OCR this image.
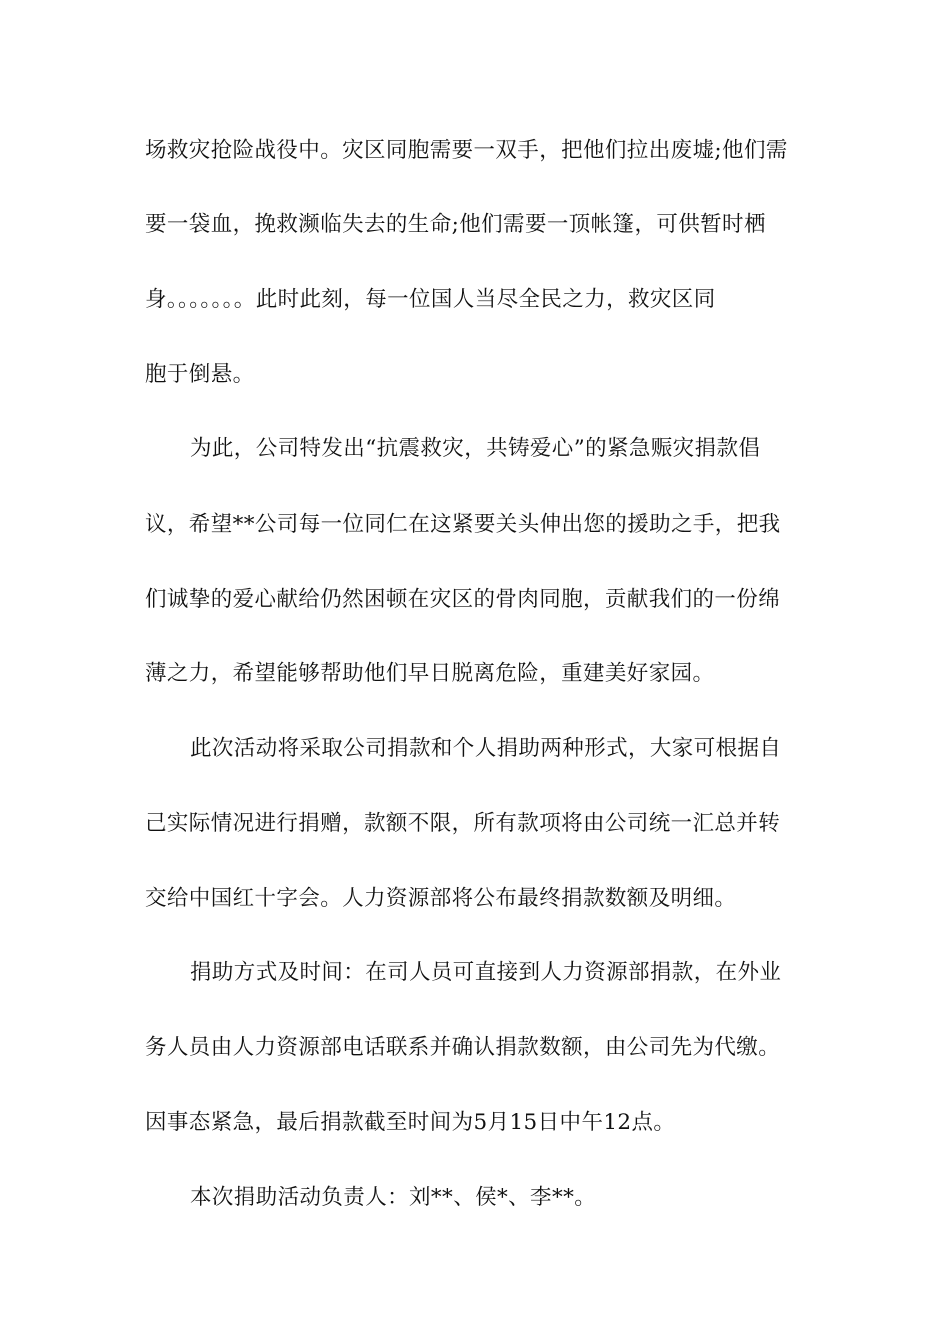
场救灾抢险战役中。灾区同胞需要一双手，把他们拉出废墟;他们需
要一袋血，挽救濒临失去的生命;他们需要一顶帐篷，可供暂时栖
身。。。。。。。此时此刻，每一位国人当尽全民之力，救灾区同
胞于倒悬。
为此，公司特发出“抗震救灾，共铸爱心”的紧急赈灾捐款倡
议，希望**公司每一位同仁在这紧要关头伸出您的援助之手，把我
们诚挚的爱心献给仍然困顿在灾区的骨肉同胞，贡献我们的一份绵
薄之力，希望能够帮助他们早日脱离危险，重建美好家园。
此次活动将采取公司捐款和个人捐助两种形式，大家可根据自
己实际情况进行捐赠，款额不限，所有款项将由公司统一汇总并转
交给中国红十字会。人力资源部将公布最终捐款数额及明细。
捐助方式及时间：在司人员可直接到人力资源部捐款，在外业
务人员由人力资源部电话联系并确认捐款数额，由公司先为代缴。
因事态紧急，最后捐款截至时间为5月15日中午12点。
本次捐助活动负责人：刘**、侯*、李**。
